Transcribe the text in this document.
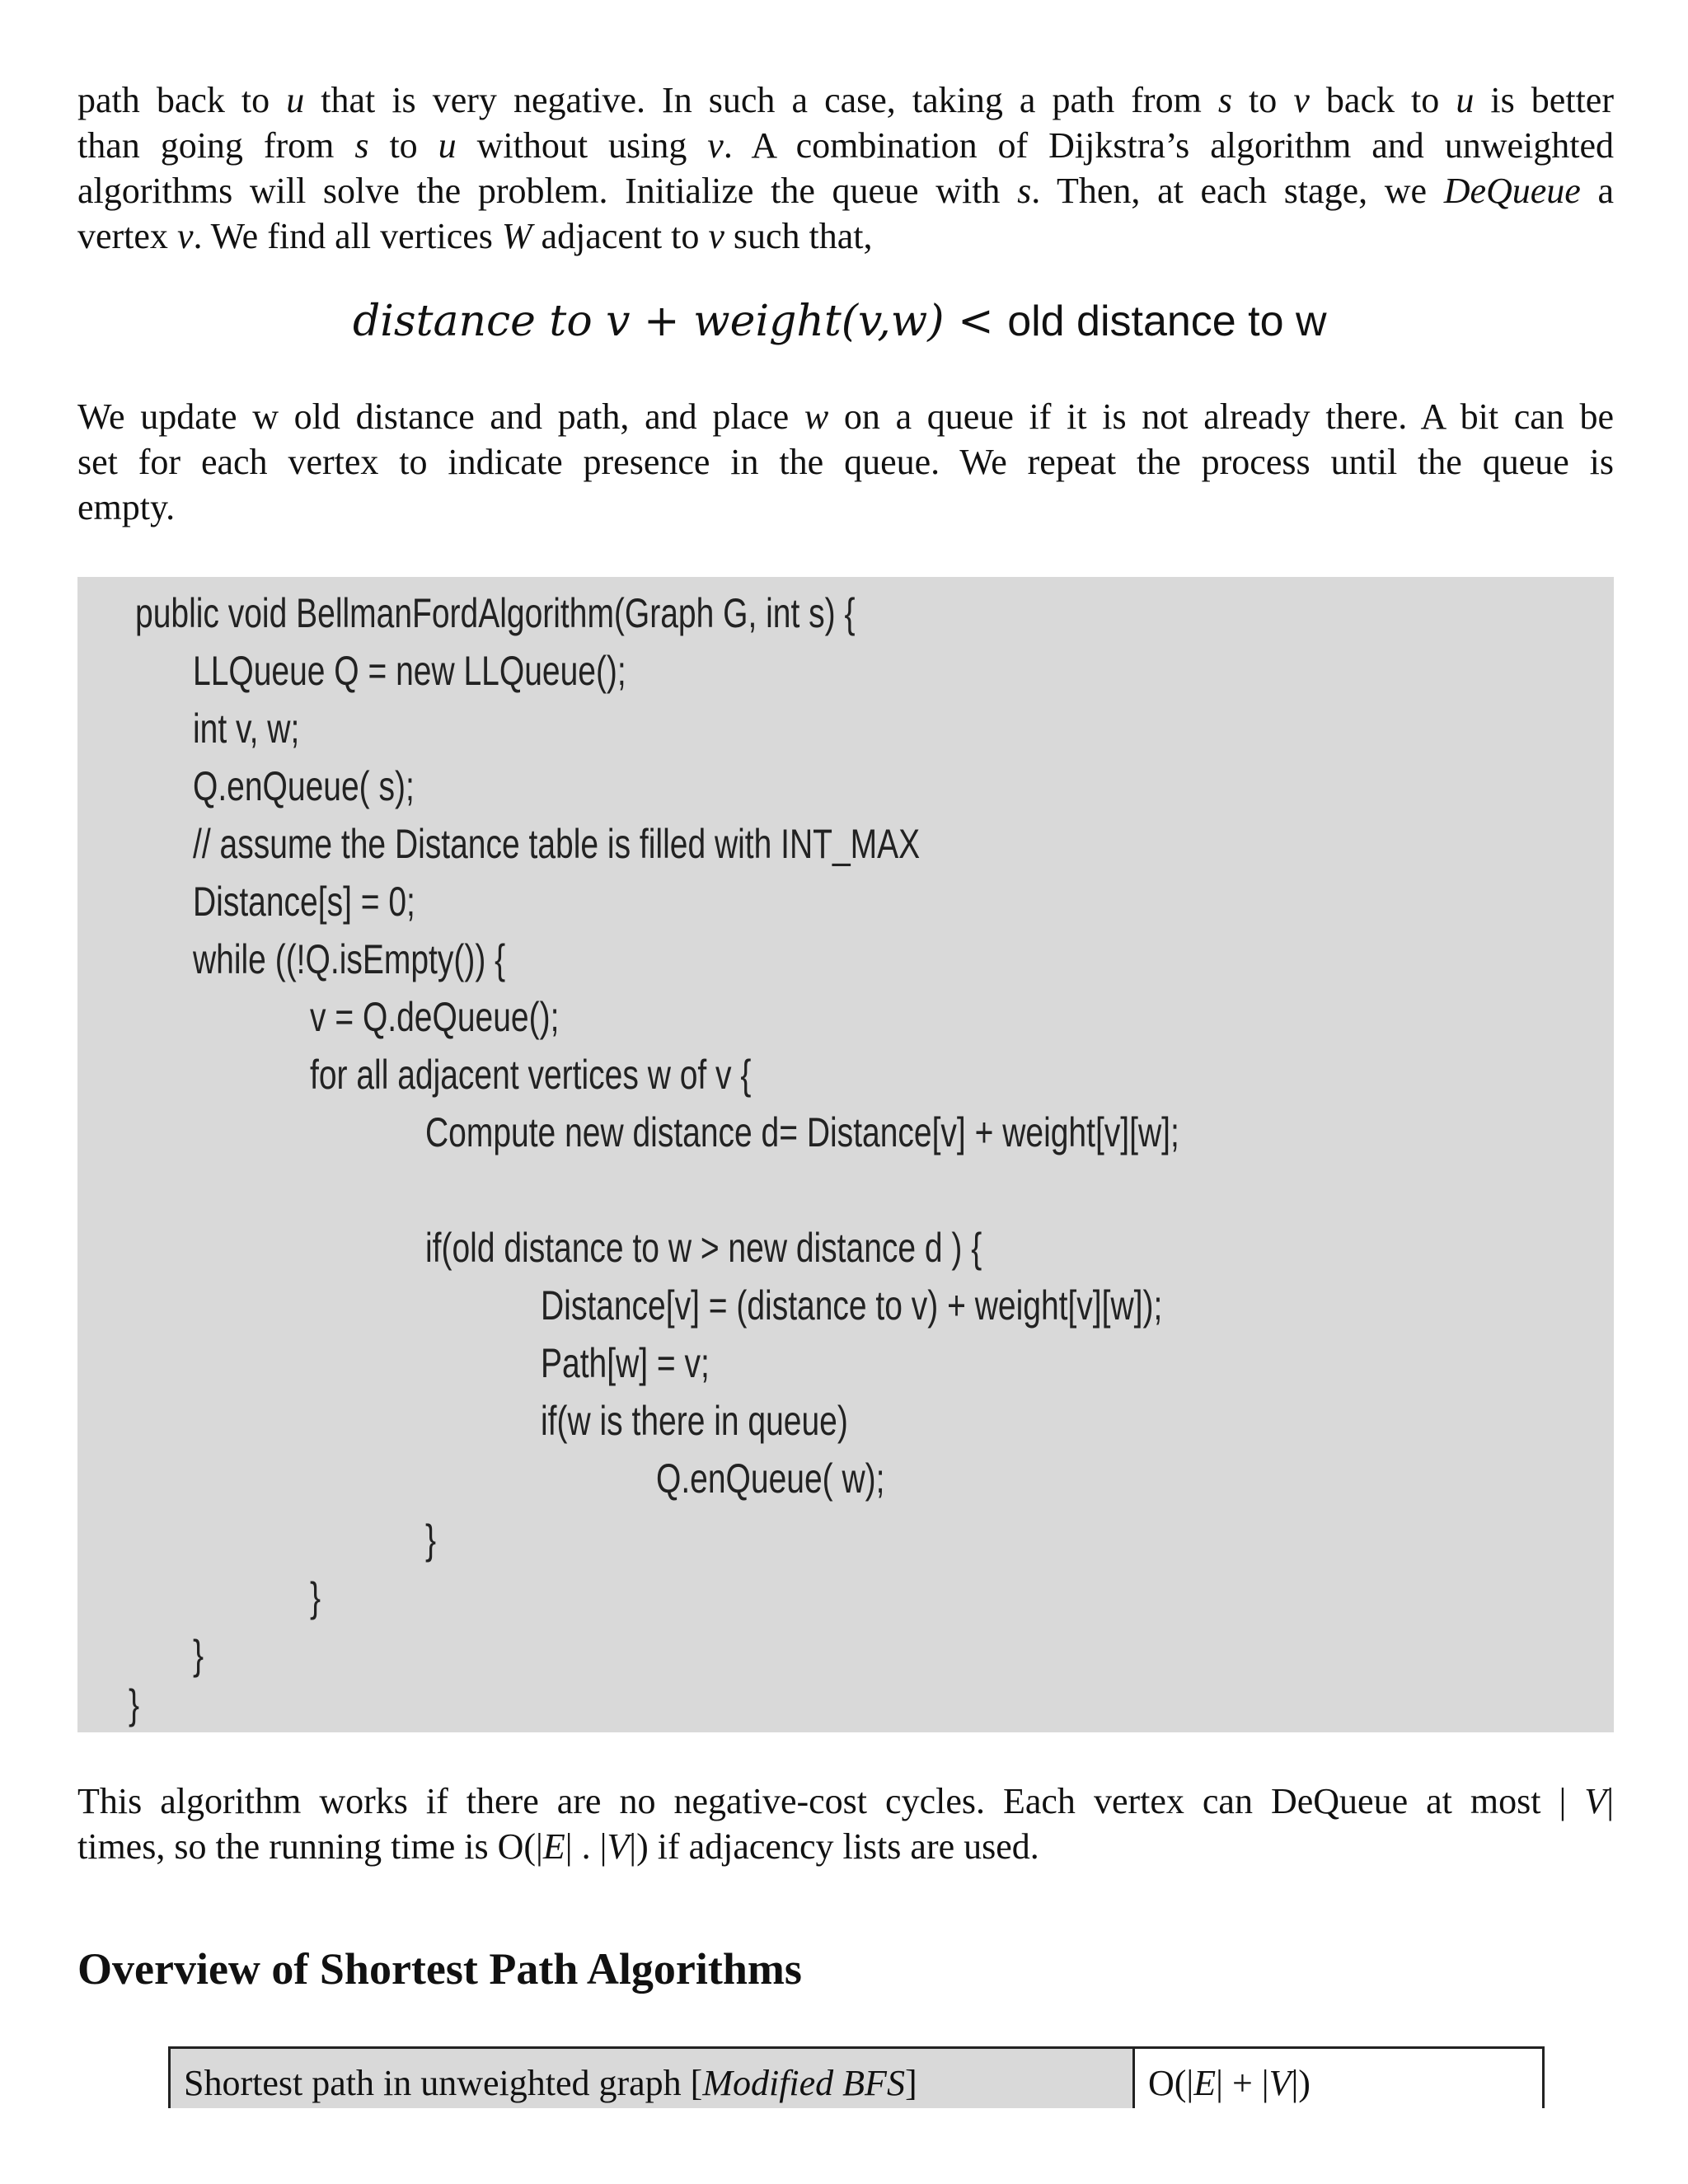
path back to u that is very negative. In such a case, taking a path from s to v back to u is better
than going from s to u without using v. A combination of Dijkstra’s algorithm and unweighted
algorithms will solve the problem. Initialize the queue with s. Then, at each stage, we DeQueue a
vertex v. We find all vertices W adjacent to v such that,
distance to v + weight(v,w) < old distance to w
We update w old distance and path, and place w on a queue if it is not already there. A bit can be
set for each vertex to indicate presence in the queue. We repeat the process until the queue is
empty.
public void BellmanFordAlgorithm(Graph G, int s) {
LLQueue Q = new LLQueue();
int v, w;
Q.enQueue( s);
// assume the Distance table is filled with INT_MAX
Distance[s] = 0;
while ((!Q.isEmpty()) {
v = Q.deQueue();
for all adjacent vertices w of v {
Compute new distance d= Distance[v] + weight[v][w];
if(old distance to w > new distance d ) {
Distance[v] = (distance to v) + weight[v][w]);
Path[w] = v;
if(w is there in queue)
Q.enQueue( w);
}
}
}
}
This algorithm works if there are no negative-cost cycles. Each vertex can DeQueue at most | V|
times, so the running time is O(|E| . |V|) if adjacency lists are used.
Overview of Shortest Path Algorithms
Shortest path in unweighted graph [Modified BFS]	O(|E| + |V|)
